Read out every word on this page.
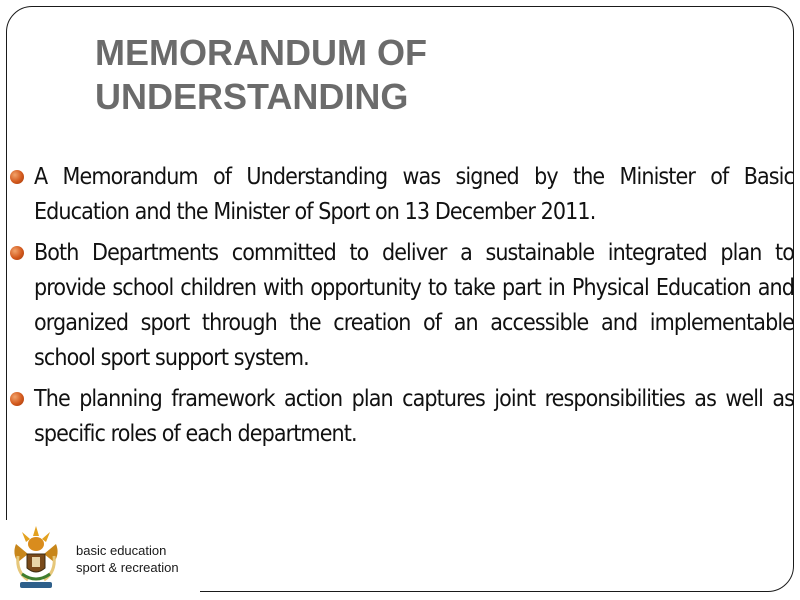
MEMORANDUM OF
UNDERSTANDING
A Memorandum of Understanding was signed by the Minister of Basic Education and the Minister of Sport on 13 December 2011.
Both Departments committed to deliver a sustainable integrated plan to provide school children with opportunity to take part in Physical Education and organized sport through the creation of an accessible and implementable school sport support system.
The planning framework action plan captures joint responsibilities as well as specific roles of each department.
basic education
sport & recreation
